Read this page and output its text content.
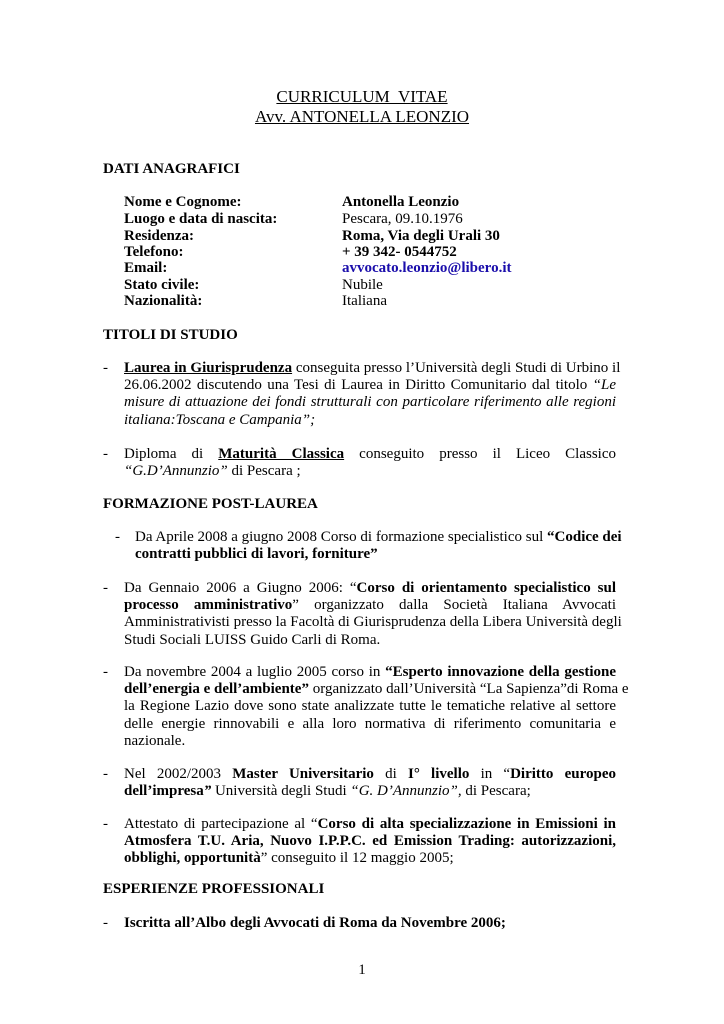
CURRICULUM  VITAE
Avv. ANTONELLA LEONZIO
DATI ANAGRAFICI
Nome e Cognome:	Antonella Leonzio
Luogo e data di nascita:	Pescara, 09.10.1976
Residenza:	Roma, Via degli Urali 30
Telefono:	+ 39 342- 0544752
Email:	avvocato.leonzio@libero.it
Stato civile:	Nubile
Nazionalità:	Italiana
TITOLI DI STUDIO
- Laurea in Giurisprudenza conseguita presso l’Università degli Studi di Urbino il
26.06.2002 discutendo una Tesi di Laurea in Diritto Comunitario dal titolo “Le
misure di attuazione dei fondi strutturali con particolare riferimento alle regioni
italiana:Toscana e Campania”;
- Diploma di Maturità Classica conseguito presso il Liceo Classico
“G.D’Annunzio” di Pescara ;
FORMAZIONE POST-LAUREA
- Da Aprile 2008 a giugno 2008 Corso di formazione specialistico sul “Codice dei
contratti pubblici di lavori, forniture”
- Da Gennaio 2006 a Giugno 2006: “Corso di orientamento specialistico sul
processo amministrativo” organizzato dalla Società Italiana Avvocati
Amministrativisti presso la Facoltà di Giurisprudenza della Libera Università degli
Studi Sociali LUISS Guido Carli di Roma.
- Da novembre 2004 a luglio 2005 corso in “Esperto innovazione della gestione
dell’energia e dell’ambiente” organizzato dall’Università “La Sapienza”di Roma e
la Regione Lazio dove sono state analizzate tutte le tematiche relative al settore
delle energie rinnovabili e alla loro normativa di riferimento comunitaria e
nazionale.
- Nel 2002/2003 Master Universitario di I° livello in “Diritto europeo
dell’impresa” Università degli Studi “G. D’Annunzio”, di Pescara;
- Attestato di partecipazione al “Corso di alta specializzazione in Emissioni in
Atmosfera T.U. Aria, Nuovo I.P.P.C. ed Emission Trading: autorizzazioni,
obblighi, opportunità” conseguito il 12 maggio 2005;
ESPERIENZE PROFESSIONALI
- Iscritta all’Albo degli Avvocati di Roma da Novembre 2006;
1
